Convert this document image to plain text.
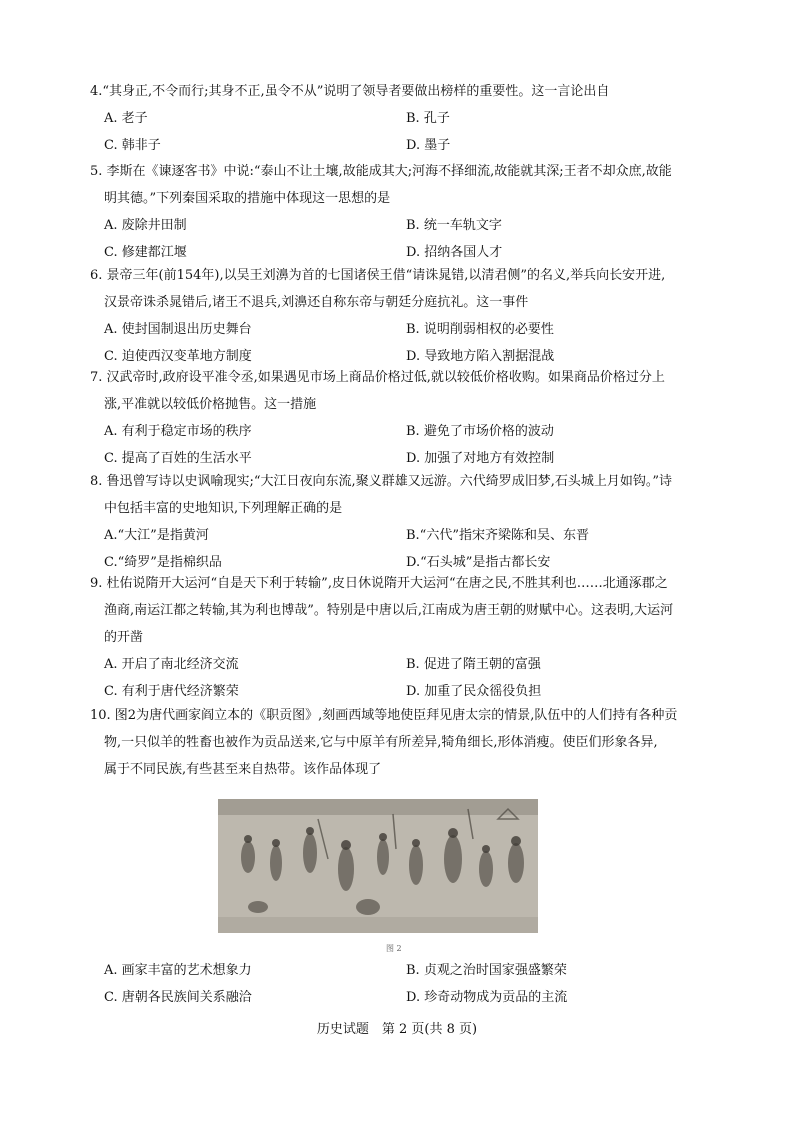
4.“其身正,不令而行;其身不正,虽令不从”说明了领导者要做出榜样的重要性。这一言论出自
A. 老子	B. 孔子
C. 韩非子	D. 墨子
5. 李斯在《谏逐客书》中说:“泰山不让土壤,故能成其大;河海不择细流,故能就其深;王者不却众庶,故能
明其德。”下列秦国采取的措施中体现这一思想的是
A. 废除井田制	B. 统一车轨文字
C. 修建都江堰	D. 招纳各国人才
6. 景帝三年(前154年),以吴王刘濞为首的七国诸侯王借“请诛晁错,以清君侧”的名义,举兵向长安开进,
汉景帝诛杀晁错后,诸王不退兵,刘濞还自称东帝与朝廷分庭抗礼。这一事件
A. 使封国制退出历史舞台	B. 说明削弱相权的必要性
C. 迫使西汉变革地方制度	D. 导致地方陷入割据混战
7. 汉武帝时,政府设平准令丞,如果遇见市场上商品价格过低,就以较低价格收购。如果商品价格过分上
涨,平准就以较低价格抛售。这一措施
A. 有利于稳定市场的秩序	B. 避免了市场价格的波动
C. 提高了百姓的生活水平	D. 加强了对地方有效控制
8. 鲁迅曾写诗以史讽喻现实;“大江日夜向东流,聚义群雄又远游。六代绮罗成旧梦,石头城上月如钩。”诗
中包括丰富的史地知识,下列理解正确的是
A.“大江”是指黄河	B.“六代”指宋齐梁陈和吴、东晋
C.“绮罗”是指棉织品	D.“石头城”是指古都长安
9. 杜佑说隋开大运河“自是天下利于转输”,皮日休说隋开大运河“在唐之民,不胜其利也……北通涿郡之
渔商,南运江都之转输,其为利也博哉”。特别是中唐以后,江南成为唐王朝的财赋中心。这表明,大运河
的开凿
A. 开启了南北经济交流	B. 促进了隋王朝的富强
C. 有利于唐代经济繁荣	D. 加重了民众徭役负担
10. 图2为唐代画家阎立本的《职贡图》,刻画西域等地使臣拜见唐太宗的情景,队伍中的人们持有各种贡
物,一只似羊的牲畜也被作为贡品送来,它与中原羊有所差异,犄角细长,形体消瘦。使臣们形象各异,
属于不同民族,有些甚至来自热带。该作品体现了
图 2
A. 画家丰富的艺术想象力	B. 贞观之治时国家强盛繁荣
C. 唐朝各民族间关系融洽	D. 珍奇动物成为贡品的主流
历史试题　第 2 页(共 8 页)
